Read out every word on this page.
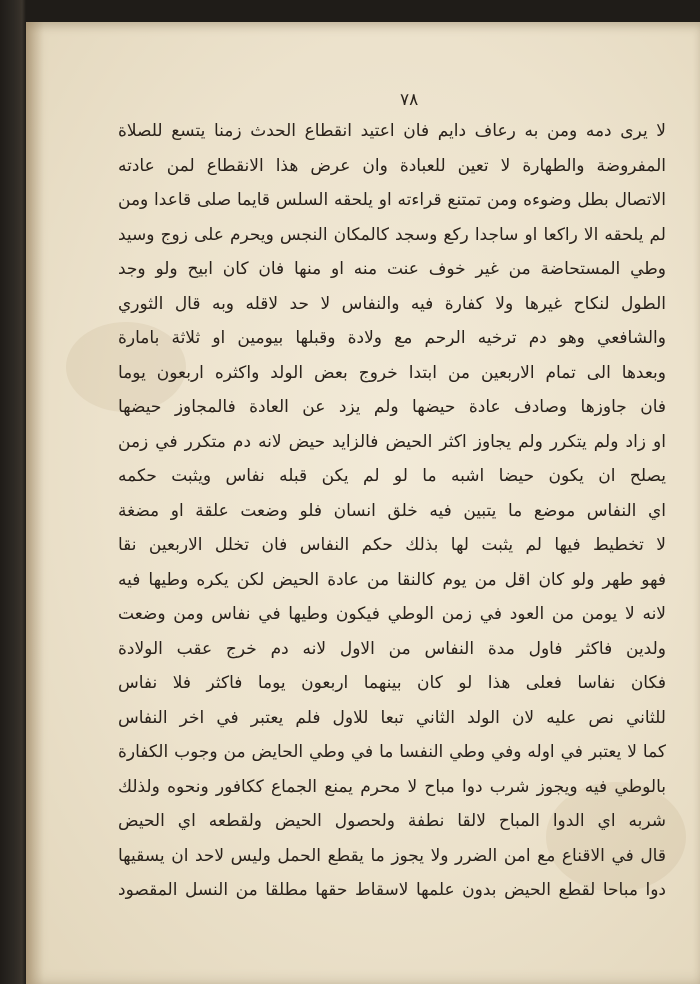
٧٨
لا يرى دمه ومن به رعاف دايم فان اعتيد انقطاع الحدث زمنا يتسع للصلاة
المفروضة والطهارة لا تعين للعبادة وان عرض هذا الانقطاع لمن عادته
الاتصال بطل وضوءه ومن تمتنع قراءته او يلحقه السلس قايما صلى قاعدا ومن
لم يلحقه الا راكعا او ساجدا ركع وسجد كالمكان النجس ويحرم على زوج وسيد
وطي المستحاضة من غير خوف عنت منه او منها فان كان ابيح ولو وجد
الطول لنكاح غيرها ولا كفارة فيه والنفاس لا حد لاقله وبه قال الثوري
والشافعي وهو دم ترخيه الرحم مع ولادة وقبلها بيومين او ثلاثة بامارة
وبعدها الى تمام الاربعين من ابتدا خروج بعض الولد واكثره اربعون يوما
فان جاوزها وصادف عادة حيضها ولم يزد عن العادة فالمجاوز حيضها
او زاد ولم يتكرر ولم يجاوز اكثر الحيض فالزايد حيض لانه دم متكرر في زمن
يصلح ان يكون حيضا اشبه ما لو لم يكن قبله نفاس ويثبت حكمه
اي النفاس موضع ما يتبين فيه خلق انسان فلو وضعت علقة او مضغة
لا تخطيط فيها لم يثبت لها بذلك حكم النفاس فان تخلل الاربعين نقا
فهو طهر ولو كان اقل من يوم كالنقا من عادة الحيض لكن يكره وطيها فيه
لانه لا يومن من العود في زمن الوطي فيكون وطيها في نفاس ومن وضعت
ولدين فاكثر فاول مدة النفاس من الاول لانه دم خرج عقب الولادة
فكان نفاسا فعلى هذا لو كان بينهما اربعون يوما فاكثر فلا نفاس
للثاني نص عليه لان الولد الثاني تبعا للاول فلم يعتبر في اخر النفاس
كما لا يعتبر في اوله وفي وطي النفسا ما في وطي الحايض من وجوب الكفارة
بالوطي فيه ويجوز شرب دوا مباح لا محرم يمنع الجماع ككافور ونحوه ولذلك
شربه اي الدوا المباح لالقا نطفة ولحصول الحيض ولقطعه اي الحيض
قال في الاقناع مع امن الضرر ولا يجوز ما يقطع الحمل وليس لاحد ان يسقيها
دوا مباحا لقطع الحيض بدون علمها لاسقاط حقها مطلقا من النسل المقصود
